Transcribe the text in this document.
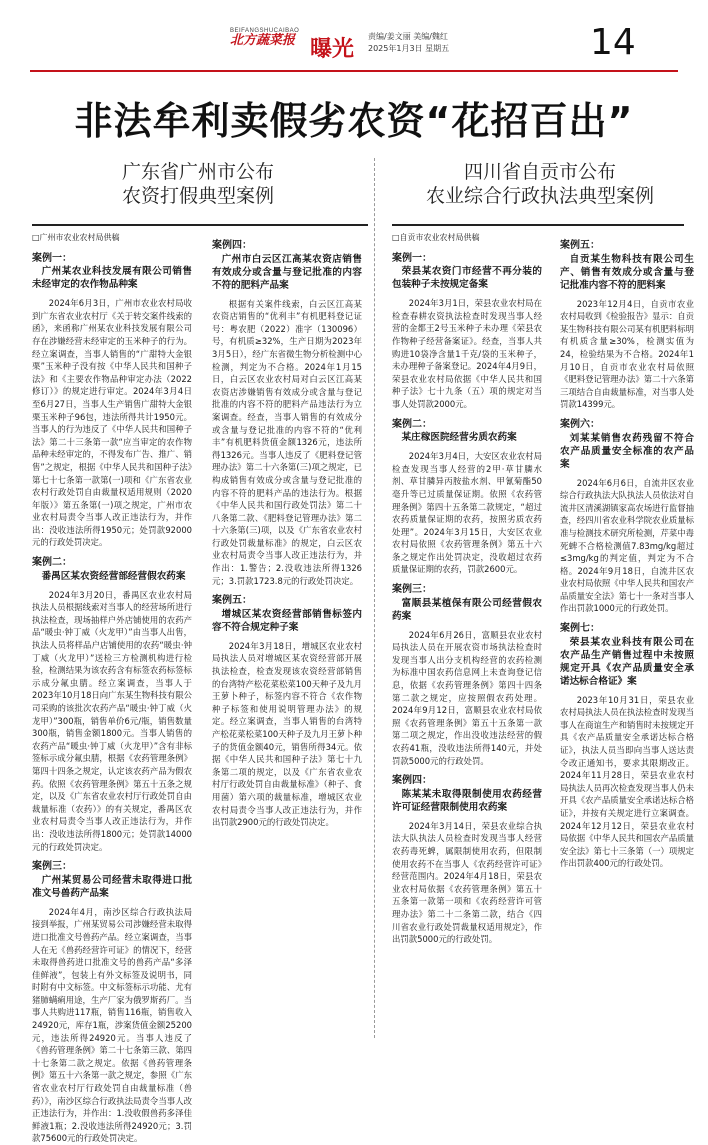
BEIFANGSHUCAIBAO
北方蔬菜报 曝光
责编/姜文丽 美编/魏红
2025年1月3日 星期五	14
非法牟利卖假劣农资“花招百出”
广东省广州市公布
农资打假典型案例
四川省自贡市公布
农业综合行政执法典型案例

□广州市农业农村局供稿

案例一：

广州某农业科技发展有限公司销售未经审定的农作物品种案

2024年6月3日，广州市农业农村局收到广东省农业农村厅《关于转交案件线索的函》，来函称广州某农业科技发展有限公司存在涉嫌经营未经审定的玉米种子的行为。经立案调查，当事人销售的“广甜特大金银栗”玉米种子没有按《中华人民共和国种子法》和《主要农作物品种审定办法（2022修订）》的规定进行审定。2024年3月4日至6月27日，当事人生产销售广甜特大金银栗玉米种子96包，违法所得共计1950元。当事人的行为违反了《中华人民共和国种子法》第二十三条第一款“应当审定的农作物品种未经审定的，不得发布广告、推广、销售”之规定，根据《中华人民共和国种子法》第七十七条第一款第(一)项和《广东省农业农村行政处罚自由裁量权适用规则（2020年版）》第五条第(一)项之规定，广州市农业农村局责令当事人改正违法行为，并作出：没收违法所得1950元；处罚款92000元的行政处罚决定。

案例二：

番禺区某农资经营部经营假农药案

2024年3月20日，番禺区农业农村局执法人员根据线索对当事人的经营场所进行执法检查，现场抽样户外店铺使用的农药产品“暖虫·钟丁威（火龙甲）”由当事人出售，执法人员将样品户店铺使用的农药“暖虫·钟丁威（火龙甲）”送检三方检测机构进行检验，检测结果为该农药含有标签农药标签标示成分氟虫腈。经立案调查，当事人于2023年10月18日向广东某生物科技有限公司采购的该批次农药产品“暖虫·钟丁威（火龙甲）”300瓶，销售单价6元/瓶，销售数量300瓶，销售金额1800元。当事人销售的农药产品“暖虫·钟丁威（火龙甲）”含有非标签标示成分氟虫腈，根据《农药管理条例》第四十四条之规定，认定该农药产品为假农药。依照《农药管理条例》第五十五条之规定，以及《广东省农业农村厅行政处罚自由裁量标准（农药）》的有关规定，番禺区农业农村局责令当事人改正违法行为，并作出：没收违法所得1800元；处罚款14000元的行政处罚决定。

案例三：

广州某贸易公司经营未取得进口批准文号兽药产品案

2024年4月，南沙区综合行政执法局接到举报，广州某贸易公司涉嫌经营未取得进口批准文号兽药产品。经立案调查，当事人在无《兽药经营许可证》的情况下，经营未取得兽药进口批准文号的兽药产品“多泽佳鲜液”，包装上有外文标签及说明书，同时附有中文标签。中文标签标示功能、尤有猪肺螨痢用途，生产厂家为俄罗斯药厂。当事人共购进117瓶，销售116瓶，销售收入24920元，库存1瓶，涉案货值金额25200元，违法所得24920元。当事人违反了《兽药管理条例》第二十七条第三款、第四十七条第二款之规定。依据《兽药管理条例》第五十六条第一款之规定，参照《广东省农业农村厅行政处罚自由裁量标准（兽药）》，南沙区综合行政执法局责令当事人改正违法行为，并作出：1.没收假兽药多泽佳鲜液1瓶；2.没收违法所得24920元；3.罚款75600元的行政处罚决定。

案例四：

广州市白云区江高某农资店销售有效成分或含量与登记批准的内容不符的肥料产品案

根据有关案件线索，白云区江高某农资店销售的“优利丰”有机肥料登记证号：粤农肥（2022）准字（130096）号，有机质≥32%，生产日期为2023年3月5日），经广东省微生物分析检测中心检测，判定为不合格。2024年1月15日，白云区农业农村局对白云区江高某农资店涉嫌销售有效成分或含量与登记批准的内容不符的肥料产品违法行为立案调查。经查，当事人销售的有效成分或含量与登记批准的内容不符的“优利丰”有机肥料货值金额1326元，违法所得1326元。当事人违反了《肥料登记管理办法》第二十六条第(三)项之规定，已构成销售有效成分或含量与登记批准的内容不符的肥料产品的违法行为。根据《中华人民共和国行政处罚法》第二十八条第二款、《肥料登记管理办法》第二十六条第(三)项，以及《广东省农业农村行政处罚裁量标准》的规定，白云区农业农村局责令当事人改正违法行为，并作出：1.警告；2.没收违法所得1326元；3.罚款1723.8元的行政处罚决定。

案例五：

增城区某农资经营部销售标签内容不符合规定种子案

2024年3月18日，增城区农业农村局执法人员对增城区某农资经营部开展执法检查，检查发现该农资经营部销售的台湾特产松花菜松菜100天种子及九月王萝卜种子，标签内容不符合《农作物种子标签和使用说明管理办法》的规定。经立案调查，当事人销售的台湾特产松花菜松菜100天种子及九月王萝卜种子的货值金额40元，销售所得34元。依据《中华人民共和国种子法》第七十九条第二项的规定，以及《广东省农业农村厅行政处罚自由裁量标准》（种子、食用菌）第六项的裁量标准，增城区农业农村局责令当事人改正违法行为，并作出罚款2900元的行政处罚决定。

□自贡市农业农村局供稿

案例一：

荣县某农资门市经营不再分装的包装种子未按规定备案

2024年3月1日，荣县农业农村局在检查春耕农资执法检查时发现当事人经营的金都王2号玉米种子未办理《荣县农作物种子经营备案证》。经查，当事人共购进10袋净含量1千克/袋的玉米种子，未办理种子备案登记。2024年4月9日，荣县农业农村局依据《中华人民共和国种子法》七十九条（五）项的规定对当事人处罚款2000元。

案例二：

某庄稼医院经营劣质农药案

2024年3月4日，大安区农业农村局检查发现当事人经营的2甲·草甘膦水剂、草甘膦异丙胺盐水剂、甲氰菊酯50毫升等已过质量保证期。依照《农药管理条例》第四十五条第二款规定，“超过农药质量保证期的农药，按照劣质农药处理”。2024年3月15日，大安区农业农村局依照《农药管理条例》第五十六条之规定作出处罚决定，没收超过农药质量保证期的农药，罚款2600元。

案例三：

富顺县某植保有限公司经营假农药案

2024年6月26日，富顺县农业农村局执法人员在开展农资市场执法检查时发现当事人出分支机构经营的农药检测为标准中国农药信息网上未查询登记信息，依据《农药管理条例》第四十四条第二款之规定，应按照假农药处理。2024年9月12日，富顺县农业农村局依照《农药管理条例》第五十五条第一款第二项之规定，作出没收违法经营的假农药41瓶，没收违法所得140元，并处罚款5000元的行政处罚。

案例四：

陈某某未取得限制使用农药经营许可证经营限制使用农药案

2024年3月14日，荣县农业综合执法大队执法人员检查时发现当事人经营农药毒死蜱，属限制使用农药，但限制使用农药不在当事人《农药经营许可证》经营范围内。2024年4月18日，荣县农业农村局依据《农药管理条例》第五十五条第一款第一项和《农药经营许可管理办法》第二十二条第二款，结合《四川省农业行政处罚裁量权适用规定》，作出罚款5000元的行政处罚。

案例五：

自贡某生物科技有限公司生产、销售有效成分或含量与登记批准内容不符的肥料案

2023年12月4日，自贡市农业农村局收到《检验报告》显示：自贡某生物科技有限公司某有机肥料标明有机质含量≥30%，检测实值为24，检验结果为不合格。2024年1月10日，自贡市农业农村局依照《肥料登记管理办法》第二十六条第三项结合自由裁量标准，对当事人处罚款14399元。

案例六：

刘某某销售农药残留不符合农产品质量安全标准的农产品案

2024年6月6日，自流井区农业综合行政执法大队执法人员依法对自流井区清溪湖镇家高农场进行监督抽查，经四川省农业科学院农业质量标准与检测技术研究所检测，芹菜中毒死蜱不合格检测值7.83mg/kg超过≤3mg/kg的判定值，判定为不合格。2024年9月18日，自流井区农业农村局依照《中华人民共和国农产品质量安全法》第七十一条对当事人作出罚款1000元的行政处罚。

案例七：

荣县某农业科技有限公司在农产品生产销售过程中未按照规定开具《农产品质量安全承诺达标合格证》案

2023年10月31日，荣县农业农村局执法人员在执法检查时发现当事人在商谊生产和销售时未按规定开具《农产品质量安全承诺达标合格证》，执法人员当即向当事人送达责令改正通知书，要求其限期改正。2024年11月28日，荣县农业农村局执法人员再次检查发现当事人仍未开具《农产品质量安全承诺达标合格证》，并按有关规定进行立案调查。2024年12月12日，荣县农业农村局依据《中华人民共和国农产品质量安全法》第七十三条第（一）项规定作出罚款400元的行政处罚。
